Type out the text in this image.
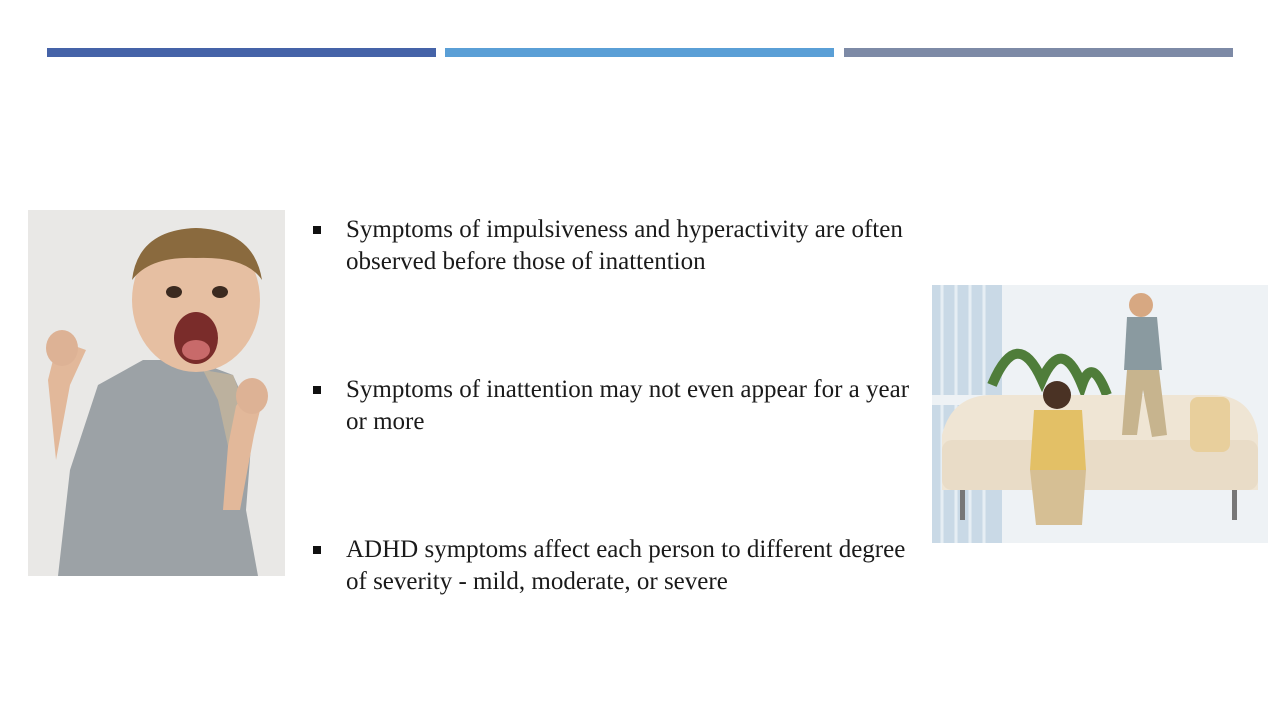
Symptoms of impulsiveness and hyperactivity are often observed before those of inattention
Symptoms of inattention may not even appear for a year or more
ADHD symptoms affect each person to different degree of severity - mild, moderate, or severe
